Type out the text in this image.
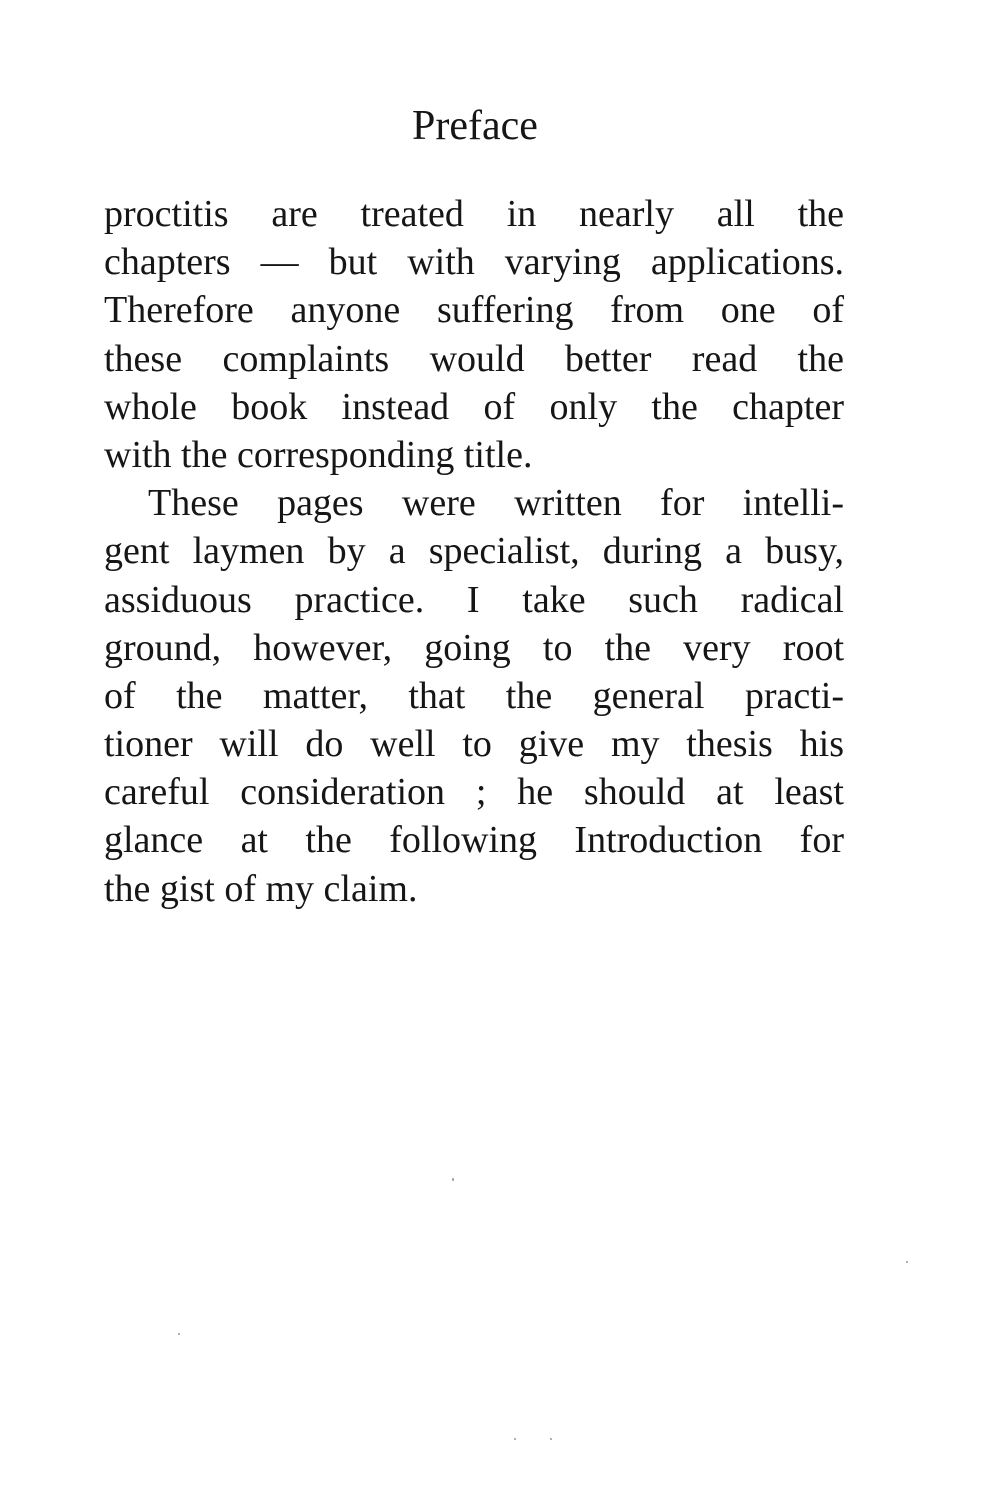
Preface
proctitis are treated in nearly all the
chapters — but with varying applications.
Therefore anyone suffering from one of
these complaints would better read the
whole book instead of only the chapter
with the corresponding title.
These pages were written for intelli-
gent laymen by a specialist, during a busy,
assiduous practice. I take such radical
ground, however, going to the very root
of the matter, that the general practi-
tioner will do well to give my thesis his
careful consideration ; he should at least
glance at the following Introduction for
the gist of my claim.
